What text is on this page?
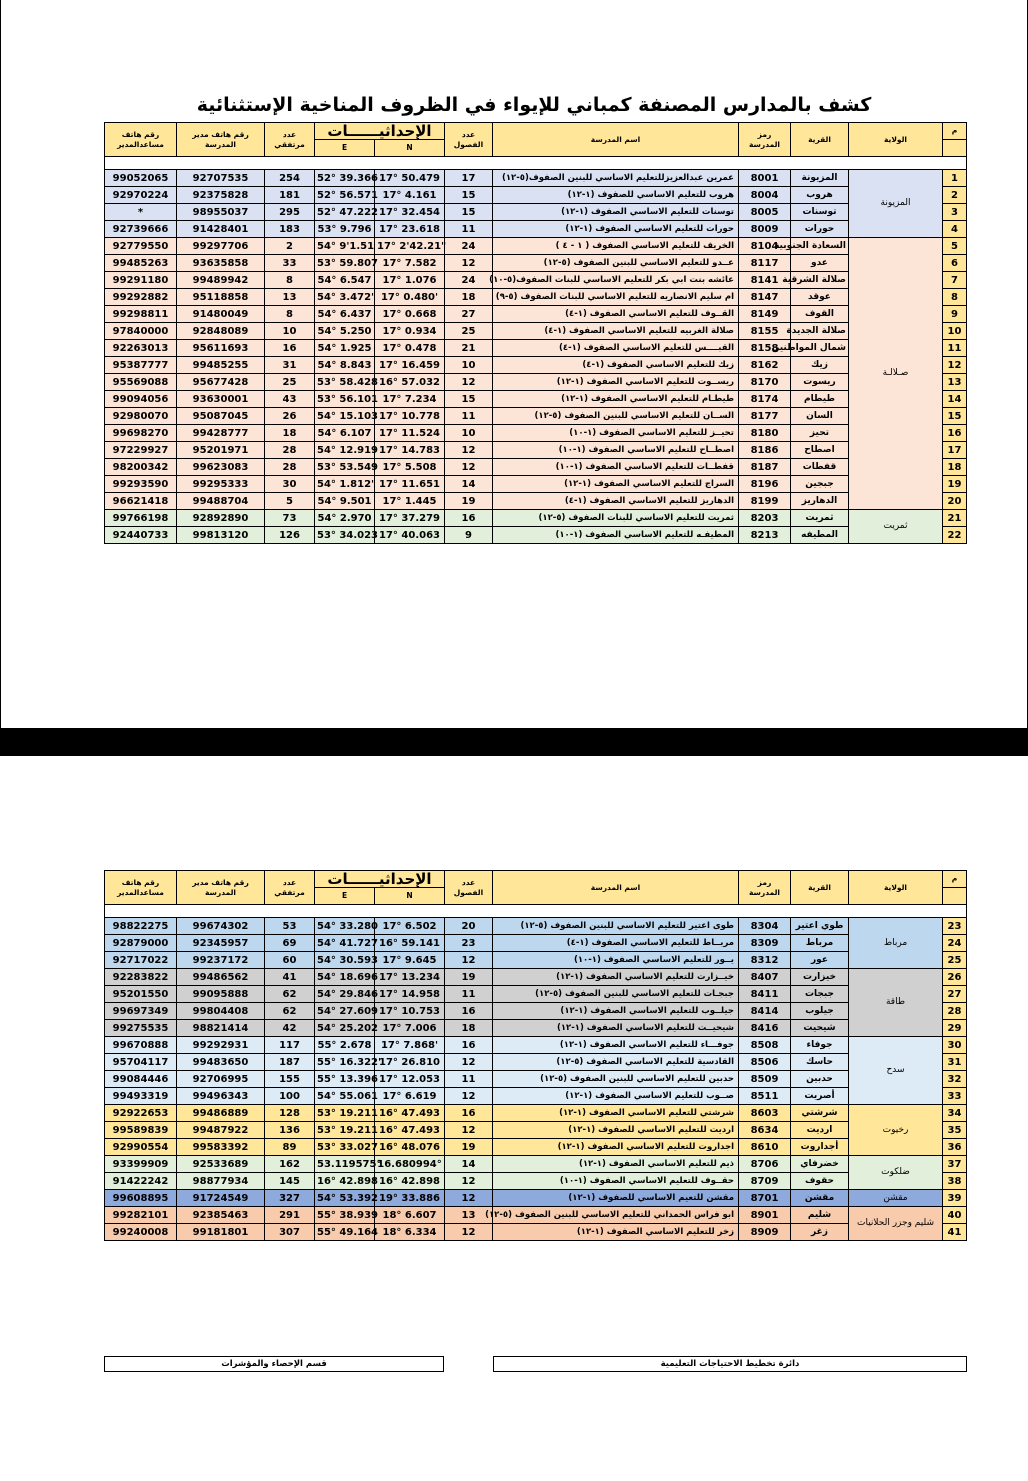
كشف بالمدارس المصنفة كمباني للإيواء في الظروف المناخية الإستثنائية
رقم هاتف مساعدالمدير	رقم هاتف مدير المدرسة	عدد مرتفقي	الإحداثيــــــات		عدد الفصول	اسم المدرسة	رمز المدرسة	القرية	الولاية	م
			E	N						

99052065	92707535	254	52° 39.366	17° 50.479	17	عمرين عبدالعزيزللتعليم الاساسي للبنين الصفوف(٥-١٢)	8001	المزيونة	المزيونة	1
92970224	92375828	181	52° 56.571	17° 4.161	15	هروب للتعليم الاساسي للصفوف (١-١٢)	8004	هروب		2
*	98955037	295	52° 47.222	17° 32.454	15	توسنات للتعليم الاساسي الصفوف (١-١٢)	8005	توسنات		3
92739666	91428401	183	53° 9.796	17° 23.618	11	حورات للتعليم الاساسي الصفوف (١-١٢)	8009	حورات		4
92779550	99297706	2	54° 9'1.51	17° 2'42.21"	24	الخريف للتعليم الاساسي الصفوف ( ١ - ٤ )	8104	السعادة الجنوبية	صـلالـة	5
99485263	93635858	33	53° 59.807	17° 7.582	12	عــدو للتعليم الاساسي للبنين الصفوف (٥-١٢)	8117	عدو		6
99291180	99489942	8	54° 6.547	17° 1.076	24	عائشه بنت ابي بكر للتعليم الاساسي للبنات الصفوف(٥-١٠)	8141	صلالة الشرقية		7
99292882	95118858	13	54° 3.472'	17° 0.480'	18	ام سليم الانصاريه للتعليم الاساسي للبنات الصفوف (٥-٩)	8147	عوقد		8
99298811	91480049	8	54° 6.437	17° 0.668	27	القــوف للتعليم الاساسي الصفوف (١-٤)	8149	القوف		9
97840000	92848089	10	54° 5.250	17° 0.934	25	صلالة الغربيه للتعليم الاساسي الصفوف (١-٤)	8155	صلالة الجديدة		10
92263013	95611693	16	54° 1.925	17° 0.478	21	القبــــس للتعليم الاساسي الصفوف (١-٤)	8158	شمال المواطنين		11
95387777	99485255	31	54° 8.843	17° 16.459	10	زيك للتعليم الاساسي الصفوف (١-٤)	8162	زيك		12
95569088	95677428	25	53° 58.428	16° 57.032	12	ريســوت للتعليم الاساسي الصفوف (١-١٢)	8170	ريسوت		13
99094056	93630001	43	53° 56.101	17° 7.234	15	طيطـام للتعليم الاساسي الصفوف (١-١٢)	8174	طيطام		14
92980070	95087045	26	54° 15.103	17° 10.778	11	الســان للتعليم الاساسي للبنين الصفوف (٥-١٢)	8177	السان		15
99698270	99428777	18	54° 6.107	17° 11.524	10	تحيــز للتعليم الاساسي الصفوف (١-١٠)	8180	تحيز		16
97229927	95201971	28	54° 12.919	17° 14.783	12	اصطــاح للتعليم الاساسي الصفوف (١-١٠)	8186	اصطاح		17
98200342	99623083	28	53° 53.549	17° 5.508	12	قفطــات للتعليم الاساسي الصفوف (١-١٠)	8187	قفطات		18
99293590	99295333	30	54° 1.812'	17° 11.651	14	السراج للتعليم الاساسي الصفوف (١-١٢)	8196	جبجين		19
96621418	99488704	5	54° 9.501	17° 1.445	19	الدهاريز للتعليم الاساسي الصفوف (١-٤)	8199	الدهاريز		20
99766198	92892890	73	54° 2.970	17° 37.279	16	ثمريت للتعليم الاساسي للبنات الصفوف (٥-١٢)	8203	ثمريت	ثمريت	21
92440733	99813120	126	53° 34.023	17° 40.063	9	المطيفـه للتعليم الاساسي الصفوف (١-١٠)	8213	المطيفه		22
رقم هاتف مساعدالمدير	رقم هاتف مدير المدرسة	عدد مرتفقي	الإحداثيــــــات		عدد الفصول	اسم المدرسة	رمز المدرسة	القرية	الولاية	م
			E	N						

98822275	99674302	53	54° 33.280	17° 6.502	20	طوى اعتير للتعليم الاساسي للبنين الصفوف (٥-١٢)	8304	طوي اعتير	مرباط	23
92879000	92345957	69	54° 41.727	16° 59.141	23	مربــاط للتعليم الاساسي الصفوف (١-٤)	8309	مرباط		24
92717022	99237172	60	54° 30.593	17° 9.645	12	يــور للتعليم الاساسي الصفوف (١-١٠)	8312	عور		25
92283822	99486562	41	54° 18.696	17° 13.234	19	خيــزارت للتعليم الاساسي الصفوف (١-١٢)	8407	خيزارت	طاقة	26
95201550	99095888	62	54° 29.846	17° 14.958	11	جبجـات للتعليم الاساسي للبنين الصفوف (٥-١٢)	8411	جبجات		27
99697349	99804408	62	54° 27.609	17° 10.753	16	جيلــوب للتعليم الاساسي الصفوف (١-١٢)	8414	جيلوب		28
99275535	98821414	42	54° 25.202	17° 7.006	18	شيحيــت للتعليم الاساسي الصفوف (١-١٢)	8416	شيحيت		29
99670888	99292931	117	55° 2.678	17° 7.868'	16	جوفـــاء للتعليم الاساسي الصفوف (١-١٢)	8508	جوفاء	سدح	30
95704117	99483650	187	55° 16.322'	17° 26.810	12	القادسية للتعليم الاساسي الصفوف (٥-١٢)	8506	حاسك		31
99084446	92706995	155	55° 13.396	17° 12.053	11	حدبين للتعليم الاساسي للبنين الصفوف (٥-١٢)	8509	حدبين		32
99493319	99496343	100	54° 55.061	17° 6.619	12	صــوب للتعليم الاساسي الصفوف (١-١٢)	8511	أصريت		33
92922653	99486889	128	53° 19.211	16° 47.493	16	شرشتي للتعليم الاساسي الصفوف (١-١٢)	8603	شرشتي	رخيوت	34
99589839	99487922	136	53° 19.211	16° 47.493	12	ارديت للتعليم الاساسي للصفوف (١-١٢)	8634	ارديت		35
92990554	99583392	89	53° 33.027	16° 48.076	19	اجداروت للتعليم الاساسي الصفوف (١-١٢)	8610	أجداروت		36
93399909	92533689	162	53.119575°	16.680994°	14	ذيم للتعليم الاساسي الصفوف (١-١٢)	8706	خضرفاي	ضلكوت	37
91422242	98877934	145	16° 42.898	16° 42.898	12	حقــوف للتعليم الاساسي الصفوف (١-١٠)	8709	حقوف		38
99608895	91724549	327	54° 53.392	19° 33.886	12	مقشن للتعيم الاساسي للصفوف (١-١٢)	8701	مقشن	مقشن	39
99282101	92385463	291	55° 38.939	18° 6.607	13	ابو فراس الحمداني للتعليم الاساسي للبنين الصفوف (٥-١٢)	8901	شليم	شليم وجزر الحلانيات	40
99240008	99181801	307	55° 49.164	18° 6.334	12	زخر للتعليم الاساسي الصفوف (١-١٢)	8909	زغر		41
دائرة تخطيط الاحتياجات التعليمية
قسم الإحصاء والمؤشرات
